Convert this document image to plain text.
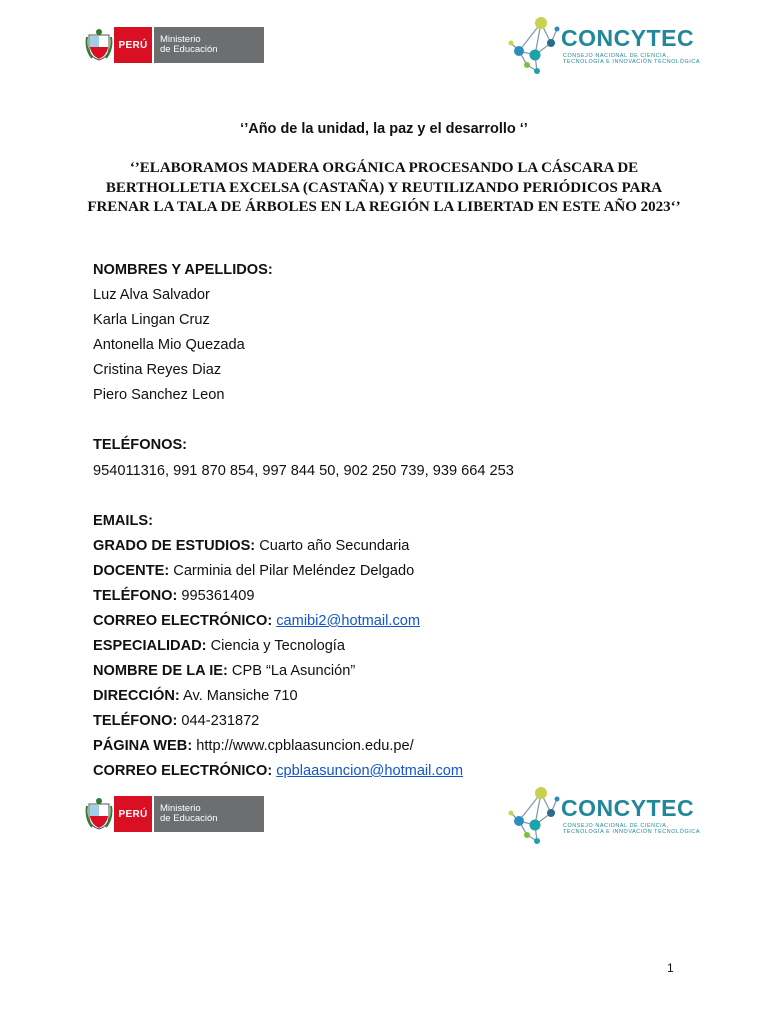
PERÚ	Ministerio
de Educación	CONCYTEC
CONSEJO NACIONAL DE CIENCIA,
TECNOLOGÍA E INNOVACIÓN TECNOLÓGICA
‘’Año de la unidad, la paz y el desarrollo ‘’
‘’ELABORAMOS MADERA ORGÁNICA PROCESANDO LA CÁSCARA DE BERTHOLLETIA EXCELSA (CASTAÑA) Y REUTILIZANDO PERIÓDICOS PARA FRENAR LA TALA DE ÁRBOLES EN LA REGIÓN LA LIBERTAD EN ESTE AÑO 2023‘’
NOMBRES Y APELLIDOS:
Luz Alva Salvador
Karla Lingan Cruz
Antonella Mio Quezada
Cristina Reyes Diaz
Piero Sanchez Leon
TELÉFONOS:
954011316, 991 870 854, 997 844 50, 902 250 739, 939 664 253
EMAILS:
GRADO DE ESTUDIOS: Cuarto año Secundaria
DOCENTE: Carminia del Pilar Meléndez Delgado
TELÉFONO: 995361409
CORREO ELECTRÓNICO: camibi2@hotmail.com
ESPECIALIDAD: Ciencia y Tecnología
NOMBRE DE LA IE: CPB “La Asunción”
DIRECCIÓN: Av. Mansiche 710
TELÉFONO: 044-231872
PÁGINA WEB: http://www.cpblaasuncion.edu.pe/
CORREO ELECTRÓNICO: cpblaasuncion@hotmail.com
PERÚ	Ministerio
de Educación	CONCYTEC
CONSEJO NACIONAL DE CIENCIA,
TECNOLOGÍA E INNOVACIÓN TECNOLÓGICA
1
